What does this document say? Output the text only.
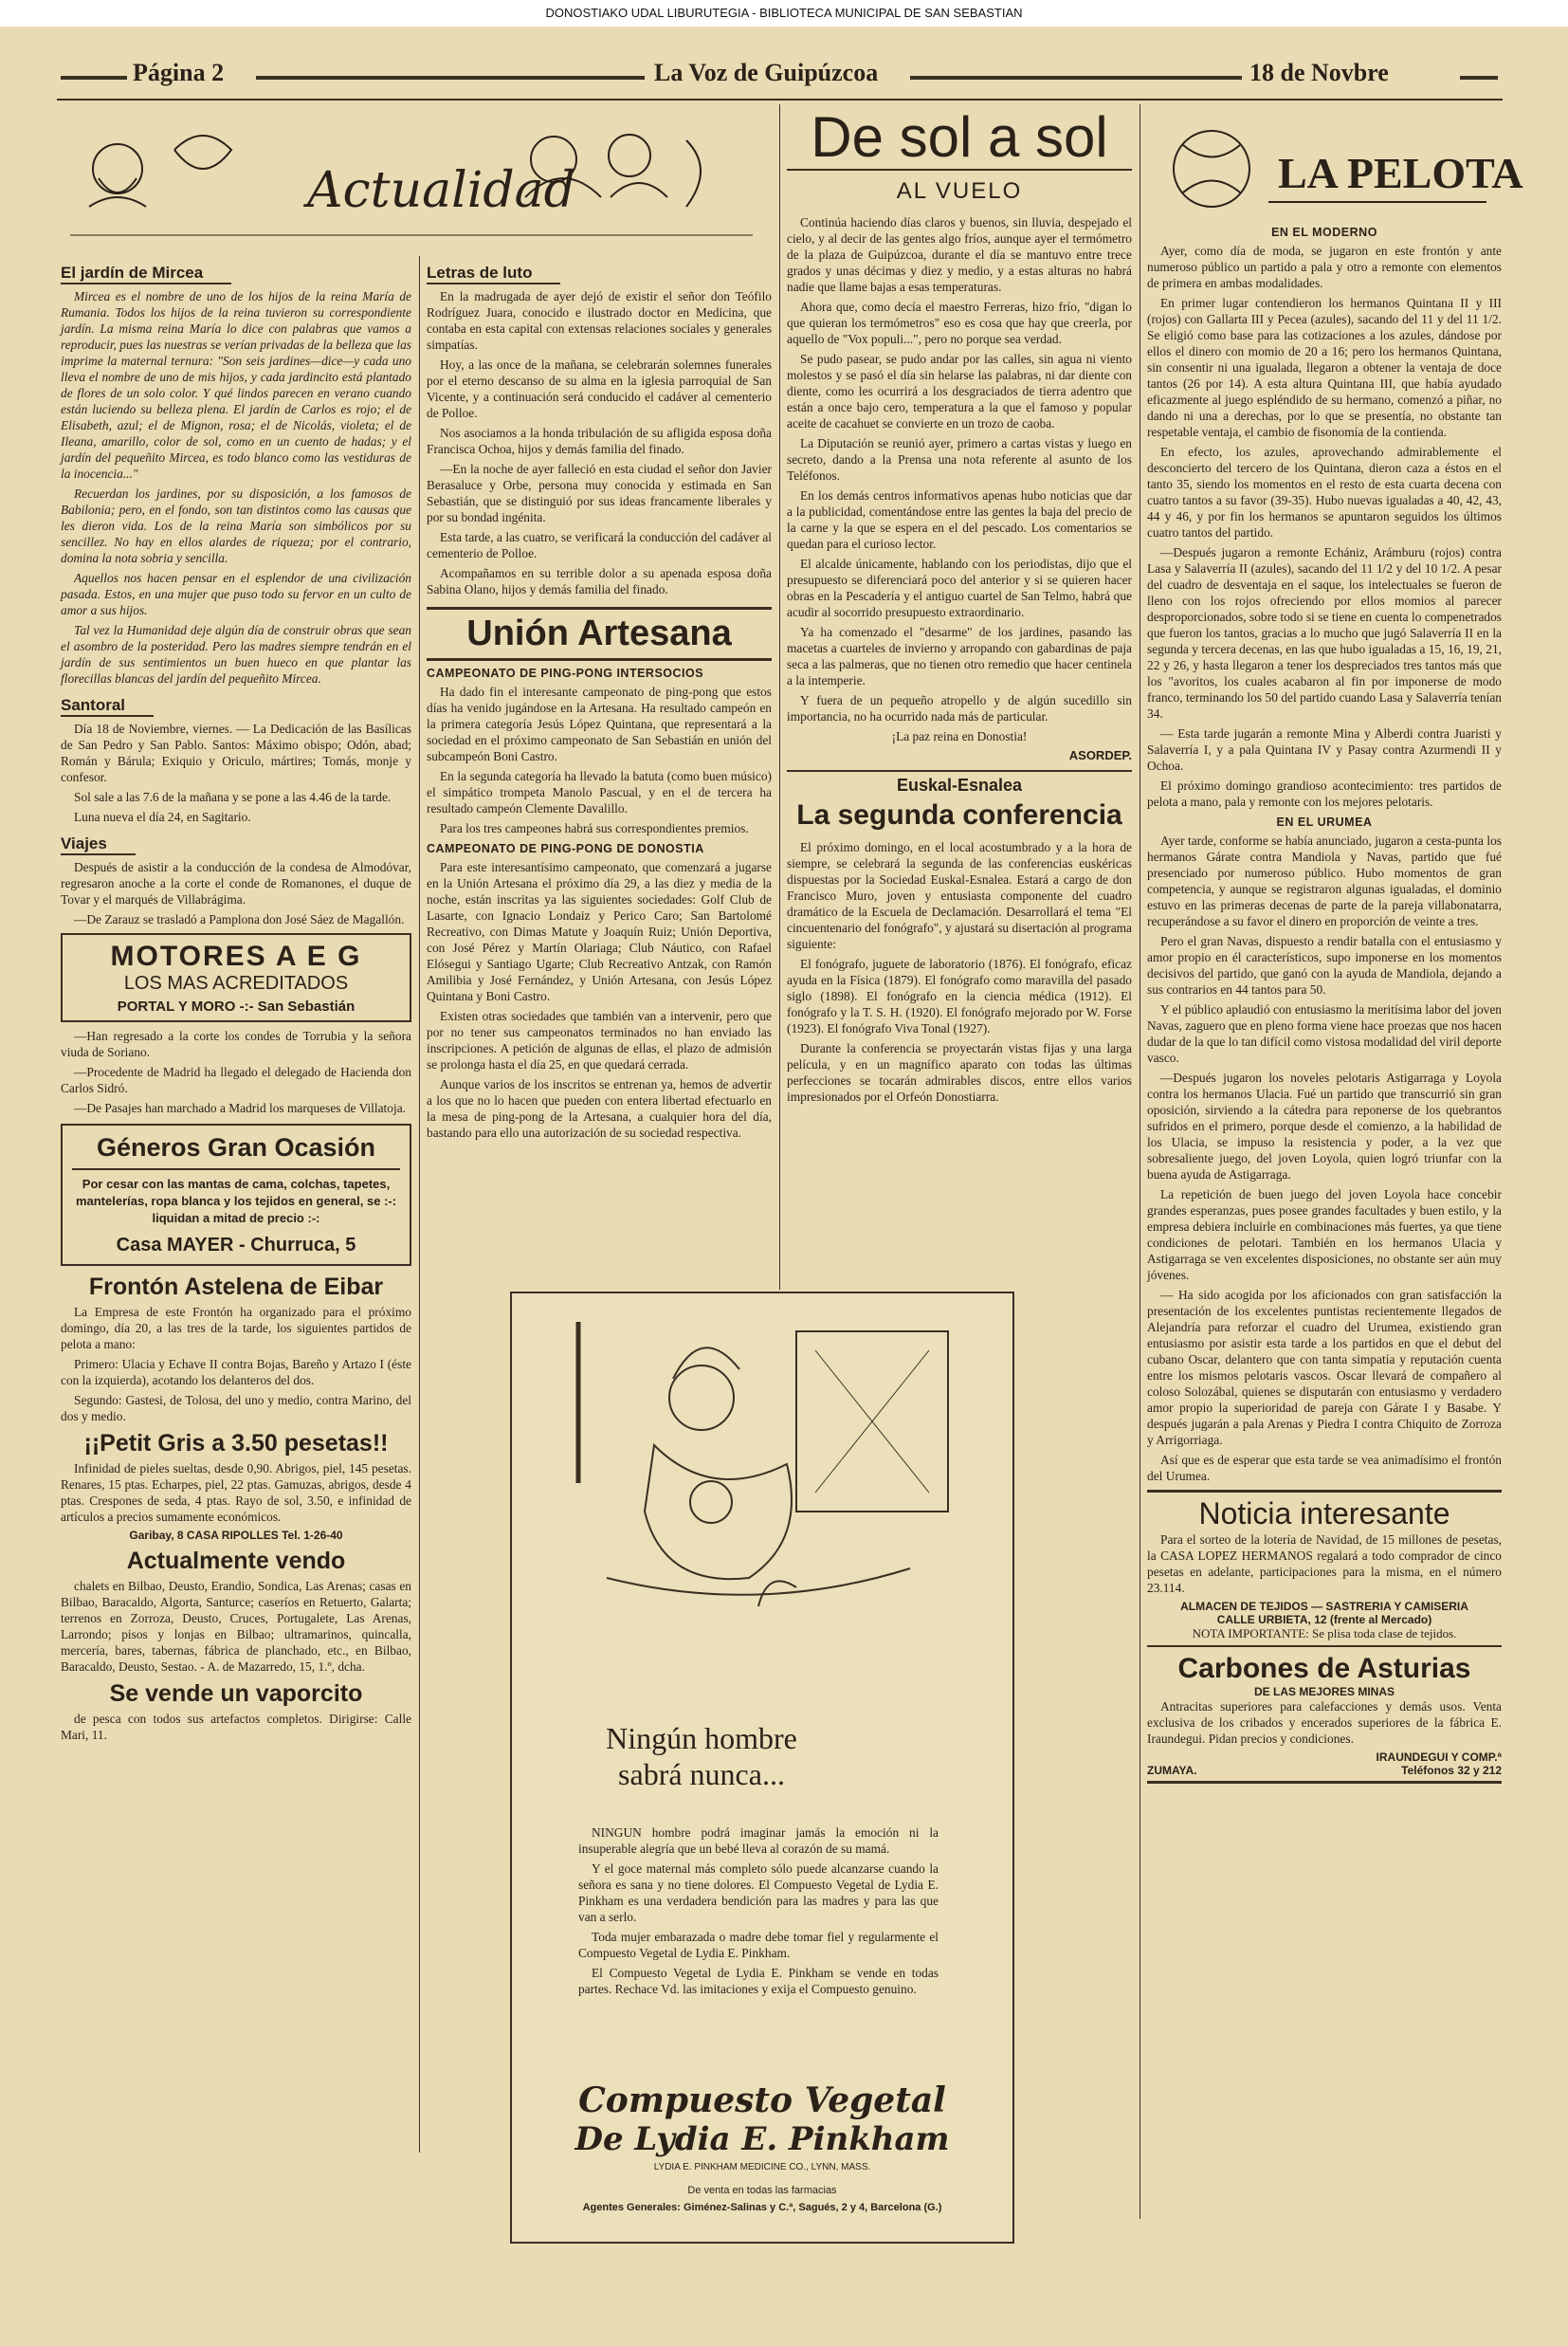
DONOSTIAKO UDAL LIBURUTEGIA - BIBLIOTECA MUNICIPAL DE SAN SEBASTIAN
Página 2	La Voz de Guipúzcoa	18 de Novbre
Actualidad
El jardín de Mircea

Mircea es el nombre de uno de los hijos de la reina María de Rumania. Todos los hijos de la reina tuvieron su correspondiente jardín. La misma reina María lo dice con palabras que vamos a reproducir, pues las nuestras se verían privadas de la belleza que las imprime la maternal ternura: "Son seis jardines—dice—y cada uno lleva el nombre de uno de mis hijos, y cada jardincito está plantado de flores de un solo color. Y qué lindos parecen en verano cuando están luciendo su belleza plena. El jardín de Carlos es rojo; el de Elisabeth, azul; el de Mignon, rosa; el de Nicolás, violeta; el de Ileana, amarillo, color de sol, como en un cuento de hadas; y el jardín del pequeñito Mircea, es todo blanco como las vestiduras de la inocencia..."

Recuerdan los jardines, por su disposición, a los famosos de Babilonia; pero, en el fondo, son tan distintos como las causas que les dieron vida. Los de la reina María son simbólicos por su sencillez. No hay en ellos alardes de riqueza; por el contrario, domina la nota sobria y sencilla.

Aquellos nos hacen pensar en el esplendor de una civilización pasada. Estos, en una mujer que puso todo su fervor en un culto de amor a sus hijos.

Tal vez la Humanidad deje algún día de construir obras que sean el asombro de la posteridad. Pero las madres siempre tendrán en el jardín de sus sentimientos un buen hueco en que plantar las florecillas blancas del jardín del pequeñito Mircea.

Santoral

Día 18 de Noviembre, viernes. — La Dedicación de las Basílicas de San Pedro y San Pablo. Santos: Máximo obispo; Odón, abad; Román y Bárula; Exiquio y Oriculo, mártires; Tomás, monje y confesor.

Sol sale a las 7.6 de la mañana y se pone a las 4.46 de la tarde.

Luna nueva el día 24, en Sagitario.

Viajes

Después de asistir a la conducción de la condesa de Almodóvar, regresaron anoche a la corte el conde de Romanones, el duque de Tovar y el marqués de Villabrágima.

—De Zarauz se trasladó a Pamplona don José Sáez de Magallón.

MOTORES A E G
LOS MAS ACREDITADOS
PORTAL Y MORO -:- San Sebastián

—Han regresado a la corte los condes de Torrubia y la señora viuda de Soriano.

—Procedente de Madrid ha llegado el delegado de Hacienda don Carlos Sidró.

—De Pasajes han marchado a Madrid los marqueses de Villatoja.

Géneros Gran Ocasión
Por cesar con las mantas de cama, colchas, tapetes, mantelerías, ropa blanca y los tejidos en general, se :-: liquidan a mitad de precio :-:
Casa MAYER - Churruca, 5
Frontón Astelena de Eibar

La Empresa de este Frontón ha organizado para el próximo domingo, día 20, a las tres de la tarde, los siguientes partidos de pelota a mano:

Primero: Ulacia y Echave II contra Bojas, Bareño y Artazo I (éste con la izquierda), acotando los delanteros del dos.

Segundo: Gastesi, de Tolosa, del uno y medio, contra Marino, del dos y medio.

¡¡Petit Gris a 3.50 pesetas!!

Infinidad de pieles sueltas, desde 0,90. Abrigos, piel, 145 pesetas. Renares, 15 ptas. Echarpes, piel, 22 ptas. Gamuzas, abrigos, desde 4 ptas. Crespones de seda, 4 ptas. Rayo de sol, 3.50, e infinidad de artículos a precios sumamente económicos.

Garibay, 8 CASA RIPOLLES Tel. 1-26-40
Actualmente vendo

chalets en Bilbao, Deusto, Erandio, Sondica, Las Arenas; casas en Bilbao, Baracaldo, Algorta, Santurce; caseríos en Retuerto, Galarta; terrenos en Zorroza, Deusto, Cruces, Portugalete, Las Arenas, Larrondo; pisos y lonjas en Bilbao; ultramarinos, quincalla, mercería, bares, tabernas, fábrica de planchado, etc., en Bilbao, Baracaldo, Deusto, Sestao. - A. de Mazarredo, 15, 1.º, dcha.

Se vende un vaporcito

de pesca con todos sus artefactos completos. Dirigirse: Calle Mari, 11.

Letras de luto

En la madrugada de ayer dejó de existir el señor don Teófilo Rodríguez Juara, conocido e ilustrado doctor en Medicina, que contaba en esta capital con extensas relaciones sociales y generales simpatías.

Hoy, a las once de la mañana, se celebrarán solemnes funerales por el eterno descanso de su alma en la iglesia parroquial de San Vicente, y a continuación será conducido el cadáver al cementerio de Polloe.

Nos asociamos a la honda tribulación de su afligida esposa doña Francisca Ochoa, hijos y demás familia del finado.

—En la noche de ayer falleció en esta ciudad el señor don Javier Berasaluce y Orbe, persona muy conocida y estimada en San Sebastián, que se distinguió por sus ideas francamente liberales y por su bondad ingénita.

Esta tarde, a las cuatro, se verificará la conducción del cadáver al cementerio de Polloe.

Acompañamos en su terrible dolor a su apenada esposa doña Sabina Olano, hijos y demás familia del finado.

Unión Artesana
CAMPEONATO DE PING-PONG INTERSOCIOS

Ha dado fin el interesante campeonato de ping-pong que estos días ha venido jugándose en la Artesana. Ha resultado campeón en la primera categoría Jesús López Quintana, que representará a la sociedad en el próximo campeonato de San Sebastián en unión del subcampeón Boni Castro.

En la segunda categoría ha llevado la batuta (como buen músico) el simpático trompeta Manolo Pascual, y en el de tercera ha resultado campeón Clemente Davalillo.

Para los tres campeones habrá sus correspondientes premios.

CAMPEONATO DE PING-PONG DE DONOSTIA

Para este interesantísimo campeonato, que comenzará a jugarse en la Unión Artesana el próximo día 29, a las diez y media de la noche, están inscritas ya las siguientes sociedades: Golf Club de Lasarte, con Ignacio Londaiz y Perico Caro; San Bartolomé Recreativo, con Dimas Matute y Joaquín Ruiz; Unión Deportiva, con José Pérez y Martín Olariaga; Club Náutico, con Rafael Elósegui y Santiago Ugarte; Club Recreativo Antzak, con Ramón Amilibia y José Fernández, y Unión Artesana, con Jesús López Quintana y Boni Castro.

Existen otras sociedades que también van a intervenir, pero que por no tener sus campeonatos terminados no han enviado las inscripciones. A petición de algunas de ellas, el plazo de admisión se prolonga hasta el día 25, en que quedará cerrada.

Aunque varios de los inscritos se entrenan ya, hemos de advertir a los que no lo hacen que pueden con entera libertad efectuarlo en la mesa de ping-pong de la Artesana, a cualquier hora del día, bastando para ello una autorización de su sociedad respectiva.

De sol a sol
AL VUELO

Continúa haciendo días claros y buenos, sin lluvia, despejado el cielo, y al decir de las gentes algo fríos, aunque ayer el termómetro de la plaza de Guipúzcoa, durante el día se mantuvo entre trece grados y unas décimas y diez y medio, y a estas alturas no habrá nadie que llame bajas a esas temperaturas.

Ahora que, como decía el maestro Ferreras, hizo frío, "digan lo que quieran los termómetros" eso es cosa que hay que creerla, por aquello de "Vox populi...", pero no porque sea verdad.

Se pudo pasear, se pudo andar por las calles, sin agua ni viento molestos y se pasó el día sin helarse las palabras, ni dar diente con diente, como les ocurrirá a los desgraciados de tierra adentro que están a once bajo cero, temperatura a la que el famoso y popular aceite de cacahuet se convierte en un trozo de caoba.

La Diputación se reunió ayer, primero a cartas vistas y luego en secreto, dando a la Prensa una nota referente al asunto de los Teléfonos.

En los demás centros informativos apenas hubo noticias que dar a la publicidad, comentándose entre las gentes la baja del precio de la carne y la que se espera en el del pescado. Los comentarios se quedan para el curioso lector.

El alcalde únicamente, hablando con los periodistas, dijo que el presupuesto se diferenciará poco del anterior y si se quieren hacer obras en la Pescadería y el antiguo cuartel de San Telmo, habrá que acudir al socorrido presupuesto extraordinario.

Ya ha comenzado el "desarme" de los jardines, pasando las macetas a cuarteles de invierno y arropando con gabardinas de paja seca a las palmeras, que no tienen otro remedio que hacer centinela a la intemperie.

Y fuera de un pequeño atropello y de algún sucedillo sin importancia, no ha ocurrido nada más de particular.

¡La paz reina en Donostia!

ASORDEP.
Euskal-Esnalea
La segunda conferencia

El próximo domingo, en el local acostumbrado y a la hora de siempre, se celebrará la segunda de las conferencias euskéricas dispuestas por la Sociedad Euskal-Esnalea. Estará a cargo de don Francisco Muro, joven y entusiasta componente del cuadro dramático de la Escuela de Declamación. Desarrollará el tema "El cincuentenario del fonógrafo", y ajustará su disertación al programa siguiente:

El fonógrafo, juguete de laboratorio (1876). El fonógrafo, eficaz ayuda en la Física (1879). El fonógrafo como maravilla del pasado siglo (1898). El fonógrafo en la ciencia médica (1912). El fonógrafo y la T. S. H. (1920). El fonógrafo mejorado por W. Forse (1923). El fonógrafo Viva Tonal (1927).

Durante la conferencia se proyectarán vistas fijas y una larga película, y en un magnífico aparato con todas las últimas perfecciones se tocarán admirables discos, entre ellos varios impresionados por el Orfeón Donostiarra.

Ningún hombre sabrá nunca...

NINGUN hombre podrá imaginar jamás la emoción ni la insuperable alegría que un bebé lleva al corazón de su mamá.

Y el goce maternal más completo sólo puede alcanzarse cuando la señora es sana y no tiene dolores. El Compuesto Vegetal de Lydia E. Pinkham es una verdadera bendición para las madres y para las que van a serlo.

Toda mujer embarazada o madre debe tomar fiel y regularmente el Compuesto Vegetal de Lydia E. Pinkham.

El Compuesto Vegetal de Lydia E. Pinkham se vende en todas partes. Rechace Vd. las imitaciones y exija el Compuesto genuino.

Compuesto Vegetal
De Lydia E. Pinkham
LYDIA E. PINKHAM MEDICINE CO., LYNN, MASS.
De venta en todas las farmacias
Agentes Generales: Giménez-Salinas y C.ª, Sagués, 2 y 4, Barcelona (G.)
LA PELOTA
EN EL MODERNO

Ayer, como día de moda, se jugaron en este frontón y ante numeroso público un partido a pala y otro a remonte con elementos de primera en ambas modalidades.

En primer lugar contendieron los hermanos Quintana II y III (rojos) con Gallarta III y Pecea (azules), sacando del 11 y del 11 1/2. Se eligió como base para las cotizaciones a los azules, dándose por ellos el dinero con momio de 20 a 16; pero los hermanos Quintana, sin consentir ni una igualada, llegaron a obtener la ventaja de doce tantos (26 por 14). A esta altura Quintana III, que había ayudado eficazmente al juego espléndido de su hermano, comenzó a piñar, no dando ni una a derechas, por lo que se presentía, no obstante tan respetable ventaja, el cambio de fisonomía de la contienda.

En efecto, los azules, aprovechando admirablemente el desconcierto del tercero de los Quintana, dieron caza a éstos en el tanto 35, siendo los momentos en el resto de esta cuarta decena con cuatro tantos a su favor (39-35). Hubo nuevas igualadas a 40, 42, 43, 44 y 46, y por fin los hermanos se apuntaron seguidos los últimos cuatro tantos del partido.

—Después jugaron a remonte Echániz, Arámburu (rojos) contra Lasa y Salaverría II (azules), sacando del 11 1/2 y del 10 1/2. A pesar del cuadro de desventaja en el saque, los intelectuales se fueron de lleno con los rojos ofreciendo por ellos momios al parecer desproporcionados, sobre todo si se tiene en cuenta lo compenetrados que fueron los tantos, gracias a lo mucho que jugó Salaverría II en la segunda y tercera decenas, en las que hubo igualadas a 15, 16, 19, 21, 22 y 26, y hasta llegaron a tener los despreciados tres tantos más que los "avoritos, los cuales acabaron al fin por imponerse de modo franco, terminando los 50 del partido cuando Lasa y Salaverría tenían 34.

— Esta tarde jugarán a remonte Mina y Alberdi contra Juaristi y Salaverría I, y a pala Quintana IV y Pasay contra Azurmendi II y Ochoa.

El próximo domingo grandioso acontecimiento: tres partidos de pelota a mano, pala y remonte con los mejores pelotaris.

EN EL URUMEA

Ayer tarde, conforme se había anunciado, jugaron a cesta-punta los hermanos Gárate contra Mandiola y Navas, partido que fué presenciado por numeroso público. Hubo momentos de gran competencia, y aunque se registraron algunas igualadas, el dominio estuvo en las primeras decenas de parte de la pareja villabonatarra, recuperándose a su favor el dinero en proporción de veinte a tres.

Pero el gran Navas, dispuesto a rendir batalla con el entusiasmo y amor propio en él característicos, supo imponerse en los momentos decisivos del partido, que ganó con la ayuda de Mandiola, dejando a sus contrarios en 44 tantos para 50.

Y el público aplaudió con entusiasmo la meritísima labor del joven Navas, zaguero que en pleno forma viene hace proezas que nos hacen dudar de la que lo tan difícil como vistosa modalidad del viril deporte vasco.

—Después jugaron los noveles pelotaris Astigarraga y Loyola contra los hermanos Ulacia. Fué un partido que transcurrió sin gran oposición, sirviendo a la cátedra para reponerse de los quebrantos sufridos en el primero, porque desde el comienzo, a la habilidad de los Ulacia, se impuso la resistencia y poder, a la vez que sobresaliente juego, del joven Loyola, quien logró triunfar con la buena ayuda de Astigarraga.

La repetición de buen juego del joven Loyola hace concebir grandes esperanzas, pues posee grandes facultades y buen estilo, y la empresa debiera incluirle en combinaciones más fuertes, ya que tiene condiciones de pelotari. También en los hermanos Ulacia y Astigarraga se ven excelentes disposiciones, no obstante ser aún muy jóvenes.

— Ha sido acogida por los aficionados con gran satisfacción la presentación de los excelentes puntistas recientemente llegados de Alejandría para reforzar el cuadro del Urumea, existiendo gran entusiasmo por asistir esta tarde a los partidos en que el debut del cubano Oscar, delantero que con tanta simpatía y reputación cuenta entre los mismos pelotaris vascos. Oscar llevará de compañero al coloso Solozábal, quienes se disputarán con entusiasmo y verdadero amor propio la superioridad de pareja con Gárate I y Basabe. Y después jugarán a pala Arenas y Piedra I contra Chiquito de Zorroza y Arrigorriaga.

Así que es de esperar que esta tarde se vea animadísimo el frontón del Urumea.

Noticia interesante

Para el sorteo de la lotería de Navidad, de 15 millones de pesetas, la CASA LOPEZ HERMANOS regalará a todo comprador de cinco pesetas en adelante, participaciones para la misma, en el número 23.114.

ALMACEN DE TEJIDOS — SASTRERIA Y CAMISERIA
CALLE URBIETA, 12 (frente al Mercado)
NOTA IMPORTANTE: Se plisa toda clase de tejidos.
Carbones de Asturias
DE LAS MEJORES MINAS

Antracitas superiores para calefacciones y demás usos. Venta exclusiva de los cribados y encerados superiores de la fábrica E. Iraundegui. Pidan precios y condiciones.

IRAUNDEGUI Y COMP.ª
ZUMAYA.	Teléfonos 32 y 212
